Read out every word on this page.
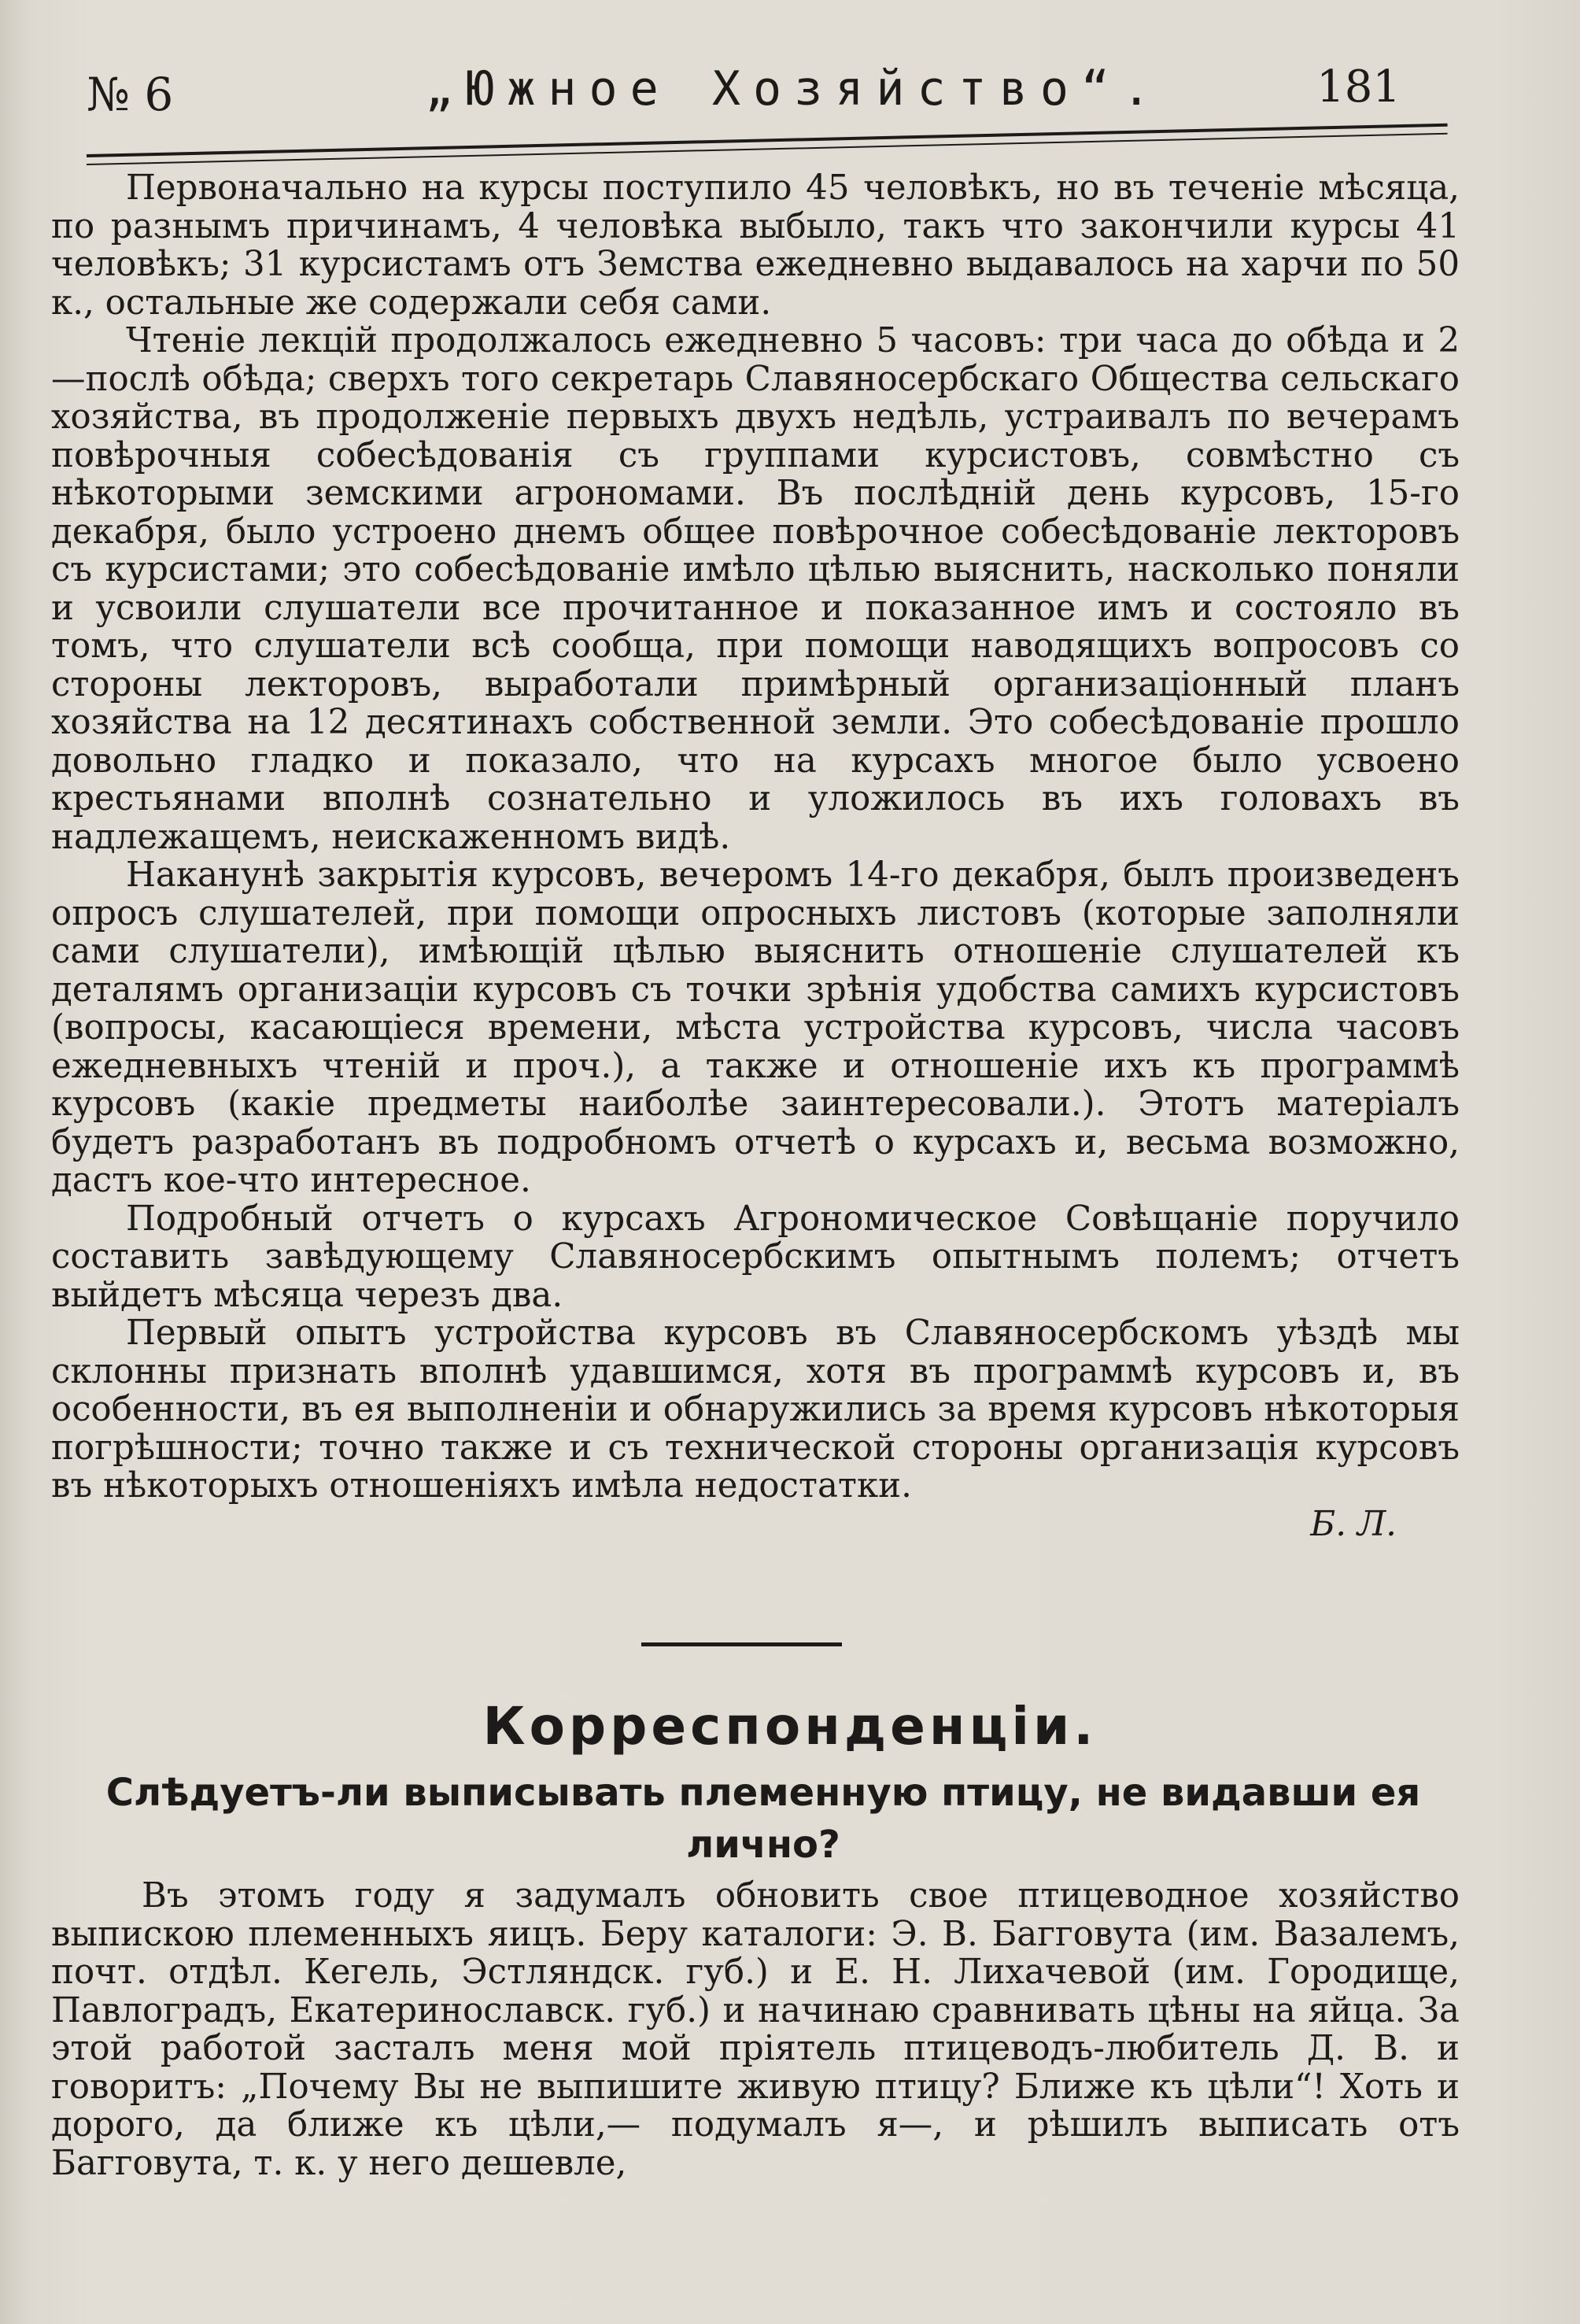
№ 6	„Южное Хозяйство“.	181

Первоначально на курсы поступило 45 человѣкъ, но въ теченіе мѣсяца, по разнымъ причинамъ, 4 человѣка выбыло, такъ что закончили курсы 41 человѣкъ; 31 курсистамъ отъ Земства ежедневно выдавалось на харчи по 50 к., остальные же содержали себя сами.

Чтеніе лекцій продолжалось ежедневно 5 часовъ: три часа до обѣда и 2—послѣ обѣда; сверхъ того секретарь Славяносербскаго Общества сельскаго хозяйства, въ продолженіе первыхъ двухъ недѣль, устраивалъ по вечерамъ повѣрочныя собесѣдованія съ группами курсистовъ, совмѣстно съ нѣкоторыми земскими агрономами. Въ послѣдній день курсовъ, 15-го декабря, было устроено днемъ общее повѣрочное собесѣдованіе лекторовъ съ курсистами; это собесѣдованіе имѣло цѣлью выяснить, насколько поняли и усвоили слушатели все прочитанное и показанное имъ и состояло въ томъ, что слушатели всѣ сообща, при помощи наводящихъ вопросовъ со стороны лекторовъ, выработали примѣрный организаціонный планъ хозяйства на 12 десятинахъ собственной земли. Это собесѣдованіе прошло довольно гладко и показало, что на курсахъ многое было усвоено крестьянами вполнѣ сознательно и уложилось въ ихъ головахъ въ надлежащемъ, неискаженномъ видѣ.

Наканунѣ закрытія курсовъ, вечеромъ 14-го декабря, былъ произведенъ опросъ слушателей, при помощи опросныхъ листовъ (которые заполняли сами слушатели), имѣющій цѣлью выяснить отношеніе слушателей къ деталямъ организаціи курсовъ съ точки зрѣнія удобства самихъ курсистовъ (вопросы, касающіеся времени, мѣста устройства курсовъ, числа часовъ ежедневныхъ чтеній и проч.), а также и отношеніе ихъ къ программѣ курсовъ (какіе предметы наиболѣе заинтересовали.). Этотъ матеріалъ будетъ разработанъ въ подробномъ отчетѣ о курсахъ и, весьма возможно, дастъ кое-что интересное.

Подробный отчетъ о курсахъ Агрономическое Совѣщаніе поручило составить завѣдующему Славяносербскимъ опытнымъ полемъ; отчетъ выйдетъ мѣсяца черезъ два.

Первый опытъ устройства курсовъ въ Славяносербскомъ уѣздѣ мы склонны признать вполнѣ удавшимся, хотя въ программѣ курсовъ и, въ особенности, въ ея выполненіи и обнаружились за время курсовъ нѣкоторыя погрѣшности; точно также и съ технической стороны организація курсовъ въ нѣкоторыхъ отношеніяхъ имѣла недостатки.

Б. Л.

Корреспонденціи.
Слѣдуетъ-ли выписывать племенную птицу, не видавши ея лично?

Въ этомъ году я задумалъ обновить свое птицеводное хозяйство выпискою племенныхъ яицъ. Беру каталоги: Э. В. Багговута (им. Вазалемъ, почт. отдѣл. Кегель, Эстляндск. губ.) и Е. Н. Лихачевой (им. Городище, Павлоградъ, Екатеринославск. губ.) и начинаю сравнивать цѣны на яйца. За этой работой засталъ меня мой пріятель птицеводъ-любитель Д. В. и говоритъ: „Почему Вы не выпишите живую птицу? Ближе къ цѣли“! Хоть и дорого, да ближе къ цѣли,— подумалъ я—, и рѣшилъ выписать отъ Багговута, т. к. у него дешевле,
